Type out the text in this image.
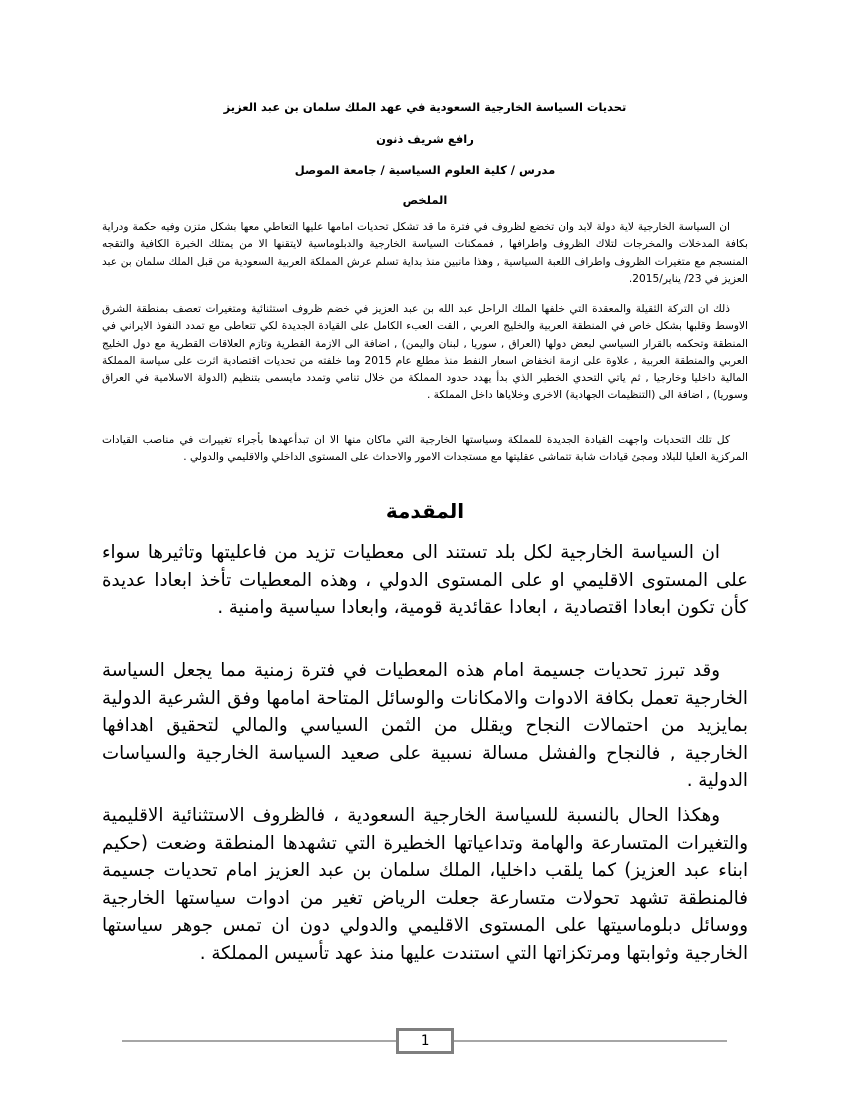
تحديات السياسة الخارجية السعودية في عهد الملك سلمان بن عبد العزيز

رافع شريف ذنون

مدرس / كلية العلوم السياسية / جامعة الموصل

الملخص

ان السياسة الخارجية لاية دولة لابد وان تخضع لظروف في فترة ما قد تشكل تحديات امامها عليها التعاطي معها بشكل متزن وفيه حكمة ودراية بكافة المدخلات والمخرجات لتلاك الظروف واطرافها , فممكنات السياسة الخارجية والدبلوماسية لايتقنها الا من يمتلك الخبرة الكافية والتقجه المنسجم مع متغيرات الظروف واطراف اللعبة السياسية , وهذا مانبين منذ بداية تسلم عرش المملكة العربية السعودية من قبل الملك سلمان بن عبد العزيز في 23/ يناير/2015.

ذلك ان التركة الثقيلة والمعقدة التي خلفها الملك الراحل عبد الله بن عبد العزيز في خضم ظروف استثنائية ومتغيرات تعصف بمنطقة الشرق الاوسط وقلبها بشكل خاص في المنطقة العربية والخليج العربي , القت العبء الكامل على القيادة الجديدة لكي تتعاطى مع تمدد النفوذ الايراني في المنطقة وتحكمه بالقرار السياسي لبعض دولها (العراق , سوريا , لبنان واليمن) , اضافة الى الازمة القطرية وتازم العلاقات القطرية مع دول الخليج العربي والمنطقة العربية , علاوة على ازمة انخفاض اسعار النفط منذ مطلع عام 2015 وما خلفته من تحديات اقتصادية اثرت على سياسة المملكة المالية داخليا وخارجيا , ثم ياتي التحدي الخطير الذي بدأ يهدد حدود المملكة من خلال تنامي وتمدد مايسمى بتنظيم (الدولة الاسلامية في العراق وسوريا) , اضافة الى (التنظيمات الجهادية) الاخرى وخلاياها داخل المملكة .

كل تلك التحديات واجهت القيادة الجديدة للمملكة وسياستها الخارجية التي ماكان منها الا ان تبدأعهدها بأجراء تغييرات في مناصب القيادات المركزية العليا للبلاد ومجئ قيادات شابة تتماشى عقليتها مع مستجدات الامور والاحداث على المستوى الداخلي والاقليمي والدولي .

المقدمة

ان السياسة الخارجية لكل بلد تستند الى معطيات تزيد من فاعليتها وتاثيرها سواء على المستوى الاقليمي او على المستوى الدولي ، وهذه المعطيات تأخذ ابعادا عديدة كأن تكون ابعادا اقتصادية ، ابعادا عقائدية قومية، وابعادا سياسية وامنية .

وقد تبرز تحديات جسيمة امام هذه المعطيات في فترة زمنية مما يجعل السياسة الخارجية تعمل بكافة الادوات والامكانات والوسائل المتاحة امامها وفق الشرعية الدولية بمايزيد من احتمالات النجاح ويقلل من الثمن السياسي والمالي لتحقيق اهدافها الخارجية , فالنجاح والفشل مسالة نسبية على صعيد السياسة الخارجية والسياسات الدولية .

وهكذا الحال بالنسبة للسياسة الخارجية السعودية ، فالظروف الاستثنائية الاقليمية والتغيرات المتسارعة والهامة وتداعياتها الخطيرة التي تشهدها المنطقة وضعت (حكيم ابناء عبد العزيز) كما يلقب داخليا، الملك سلمان بن عبد العزيز امام تحديات جسيمة فالمنطقة تشهد تحولات متسارعة جعلت الرياض تغير من ادوات سياستها الخارجية ووسائل دبلوماسيتها على المستوى الاقليمي والدولي دون ان تمس جوهر سياستها الخارجية وثوابتها ومرتكزاتها التي استندت عليها منذ عهد تأسيس المملكة .

1
